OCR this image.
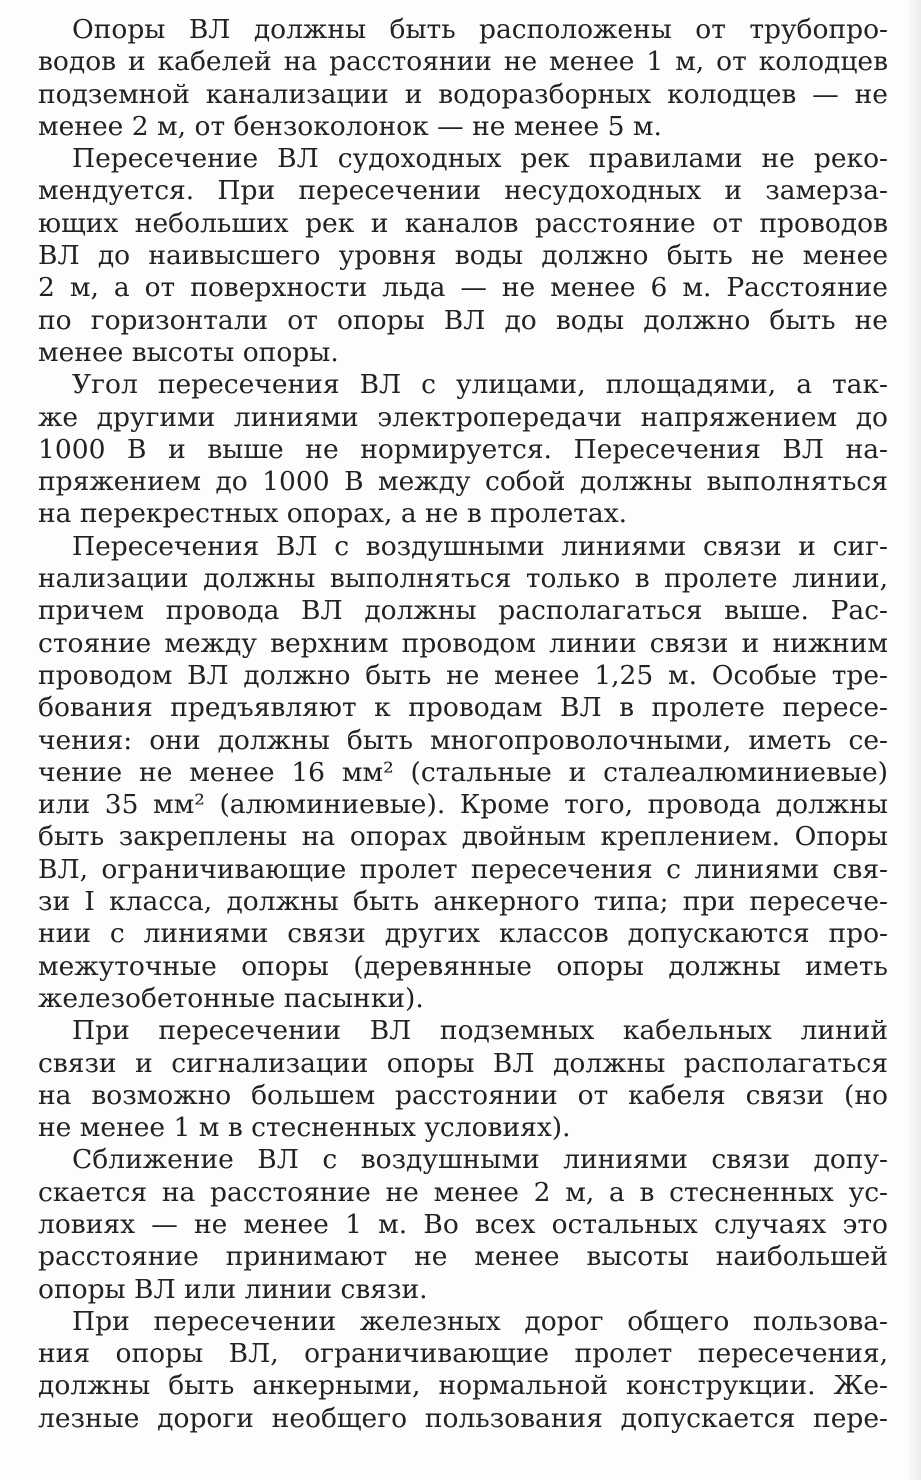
Опоры ВЛ должны быть расположены от трубопро-
водов и кабелей на расстоянии не менее 1 м, от колодцев
подземной канализации и водоразборных колодцев — не
менее 2 м, от бензоколонок — не менее 5 м.
Пересечение ВЛ судоходных рек правилами не реко-
мендуется. При пересечении несудоходных и замерза-
ющих небольших рек и каналов расстояние от проводов
ВЛ до наивысшего уровня воды должно быть не менее
2 м, а от поверхности льда — не менее 6 м. Расстояние
по горизонтали от опоры ВЛ до воды должно быть не
менее высоты опоры.
Угол пересечения ВЛ с улицами, площадями, а так-
же другими линиями электропередачи напряжением до
1000 В и выше не нормируется. Пересечения ВЛ на-
пряжением до 1000 В между собой должны выполняться
на перекрестных опорах, а не в пролетах.
Пересечения ВЛ с воздушными линиями связи и сиг-
нализации должны выполняться только в пролете линии,
причем провода ВЛ должны располагаться выше. Рас-
стояние между верхним проводом линии связи и нижним
проводом ВЛ должно быть не менее 1,25 м. Особые тре-
бования предъявляют к проводам ВЛ в пролете пересе-
чения: они должны быть многопроволочными, иметь се-
чение не менее 16 мм² (стальные и сталеалюминиевые)
или 35 мм² (алюминиевые). Кроме того, провода должны
быть закреплены на опорах двойным креплением. Опоры
ВЛ, ограничивающие пролет пересечения с линиями свя-
зи I класса, должны быть анкерного типа; при пересече-
нии с линиями связи других классов допускаются про-
межуточные опоры (деревянные опоры должны иметь
железобетонные пасынки).
При пересечении ВЛ подземных кабельных линий
связи и сигнализации опоры ВЛ должны располагаться
на возможно большем расстоянии от кабеля связи (но
не менее 1 м в стесненных условиях).
Сближение ВЛ с воздушными линиями связи допу-
скается на расстояние не менее 2 м, а в стесненных ус-
ловиях — не менее 1 м. Во всех остальных случаях это
расстояние принимают не менее высоты наибольшей
опоры ВЛ или линии связи.
При пересечении железных дорог общего пользова-
ния опоры ВЛ, ограничивающие пролет пересечения,
должны быть анкерными, нормальной конструкции. Же-
лезные дороги необщего пользования допускается пере-
